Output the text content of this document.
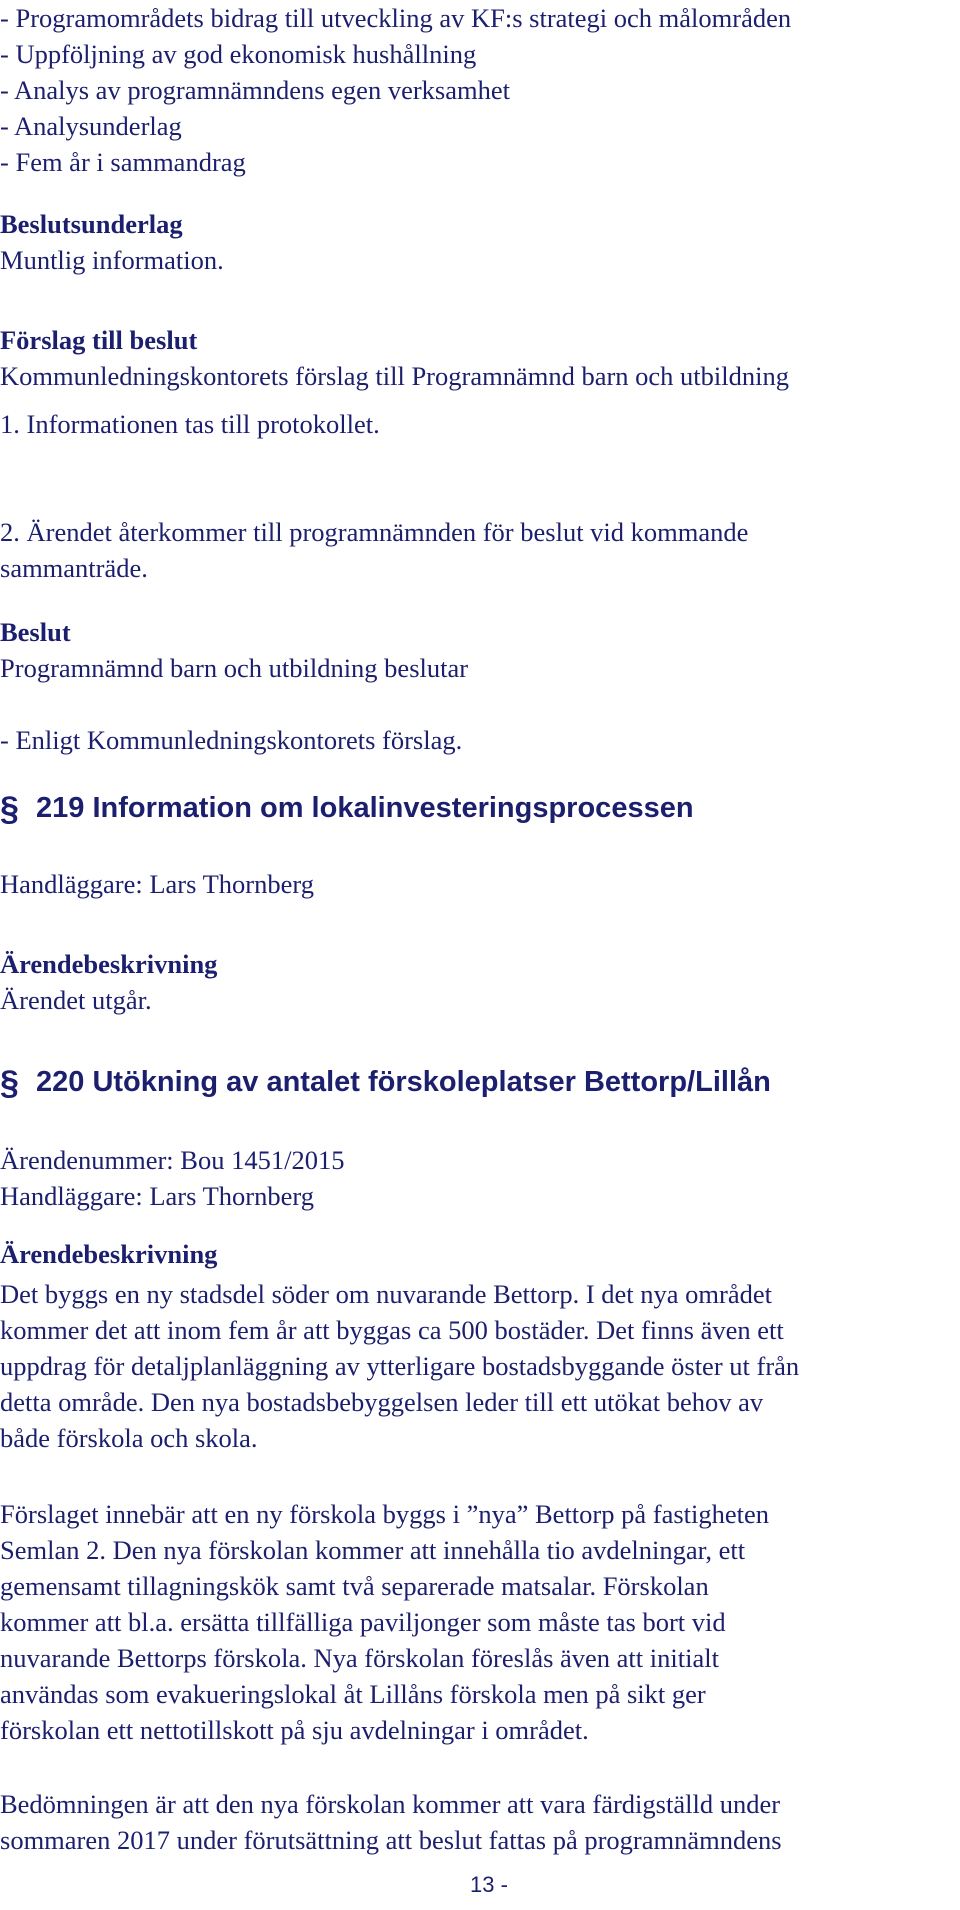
- Programområdets bidrag till utveckling av KF:s strategi och målområden
- Uppföljning av god ekonomisk hushållning
- Analys av programnämndens egen verksamhet
- Analysunderlag
- Fem år i sammandrag
Beslutsunderlag
Muntlig information.
Förslag till beslut
Kommunledningskontorets förslag till Programnämnd barn och utbildning
1. Informationen tas till protokollet.
2. Ärendet återkommer till programnämnden för beslut vid kommande
sammanträde.
Beslut
Programnämnd barn och utbildning beslutar
- Enligt Kommunledningskontorets förslag.
§ 219 Information om lokalinvesteringsprocessen
Handläggare: Lars Thornberg
Ärendebeskrivning
Ärendet utgår.
§ 220 Utökning av antalet förskoleplatser Bettorp/Lillån
Ärendenummer: Bou 1451/2015
Handläggare: Lars Thornberg
Ärendebeskrivning
Det byggs en ny stadsdel söder om nuvarande Bettorp. I det nya området
kommer det att inom fem år att byggas ca 500 bostäder. Det finns även ett
uppdrag för detaljplanläggning av ytterligare bostadsbyggande öster ut från
detta område. Den nya bostadsbebyggelsen leder till ett utökat behov av
både förskola och skola.
Förslaget innebär att en ny förskola byggs i ”nya” Bettorp på fastigheten
Semlan 2. Den nya förskolan kommer att innehålla tio avdelningar, ett
gemensamt tillagningskök samt två separerade matsalar. Förskolan
kommer att bl.a. ersätta tillfälliga paviljonger som måste tas bort vid
nuvarande Bettorps förskola. Nya förskolan föreslås även att initialt
användas som evakueringslokal åt Lillåns förskola men på sikt ger
förskolan ett nettotillskott på sju avdelningar i området.
Bedömningen är att den nya förskolan kommer att vara färdigställd under
sommaren 2017 under förutsättning att beslut fattas på programnämndens
13 -
